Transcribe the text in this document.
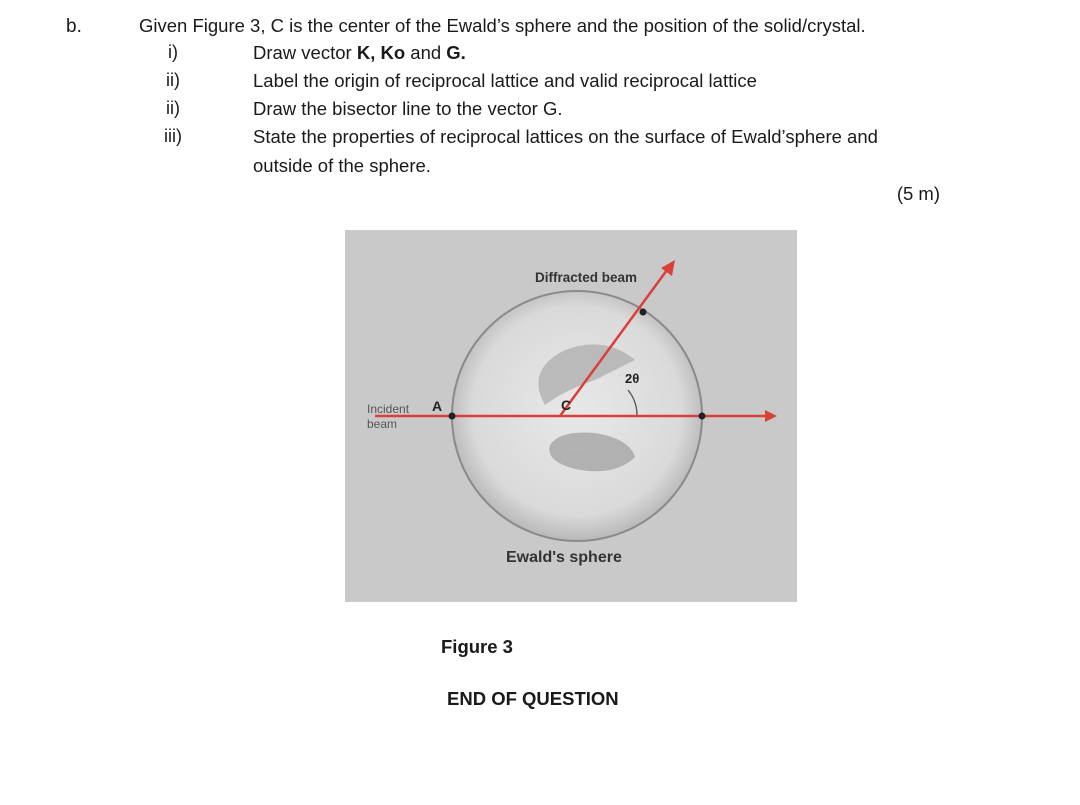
b.	Given Figure 3, C is the center of the Ewald’s sphere and the position of the solid/crystal.
i)	Draw vector K, Ko and G.
ii)	Label the origin of reciprocal lattice and valid reciprocal lattice
ii)	Draw the bisector line to the vector G.
iii)	State the properties of reciprocal lattices on the surface of Ewald’sphere and
outside of the sphere.
(5 m)
Diffracted beam
2θ
C
Incident
beam
A
Ewald's sphere
Figure 3
END OF QUESTION
